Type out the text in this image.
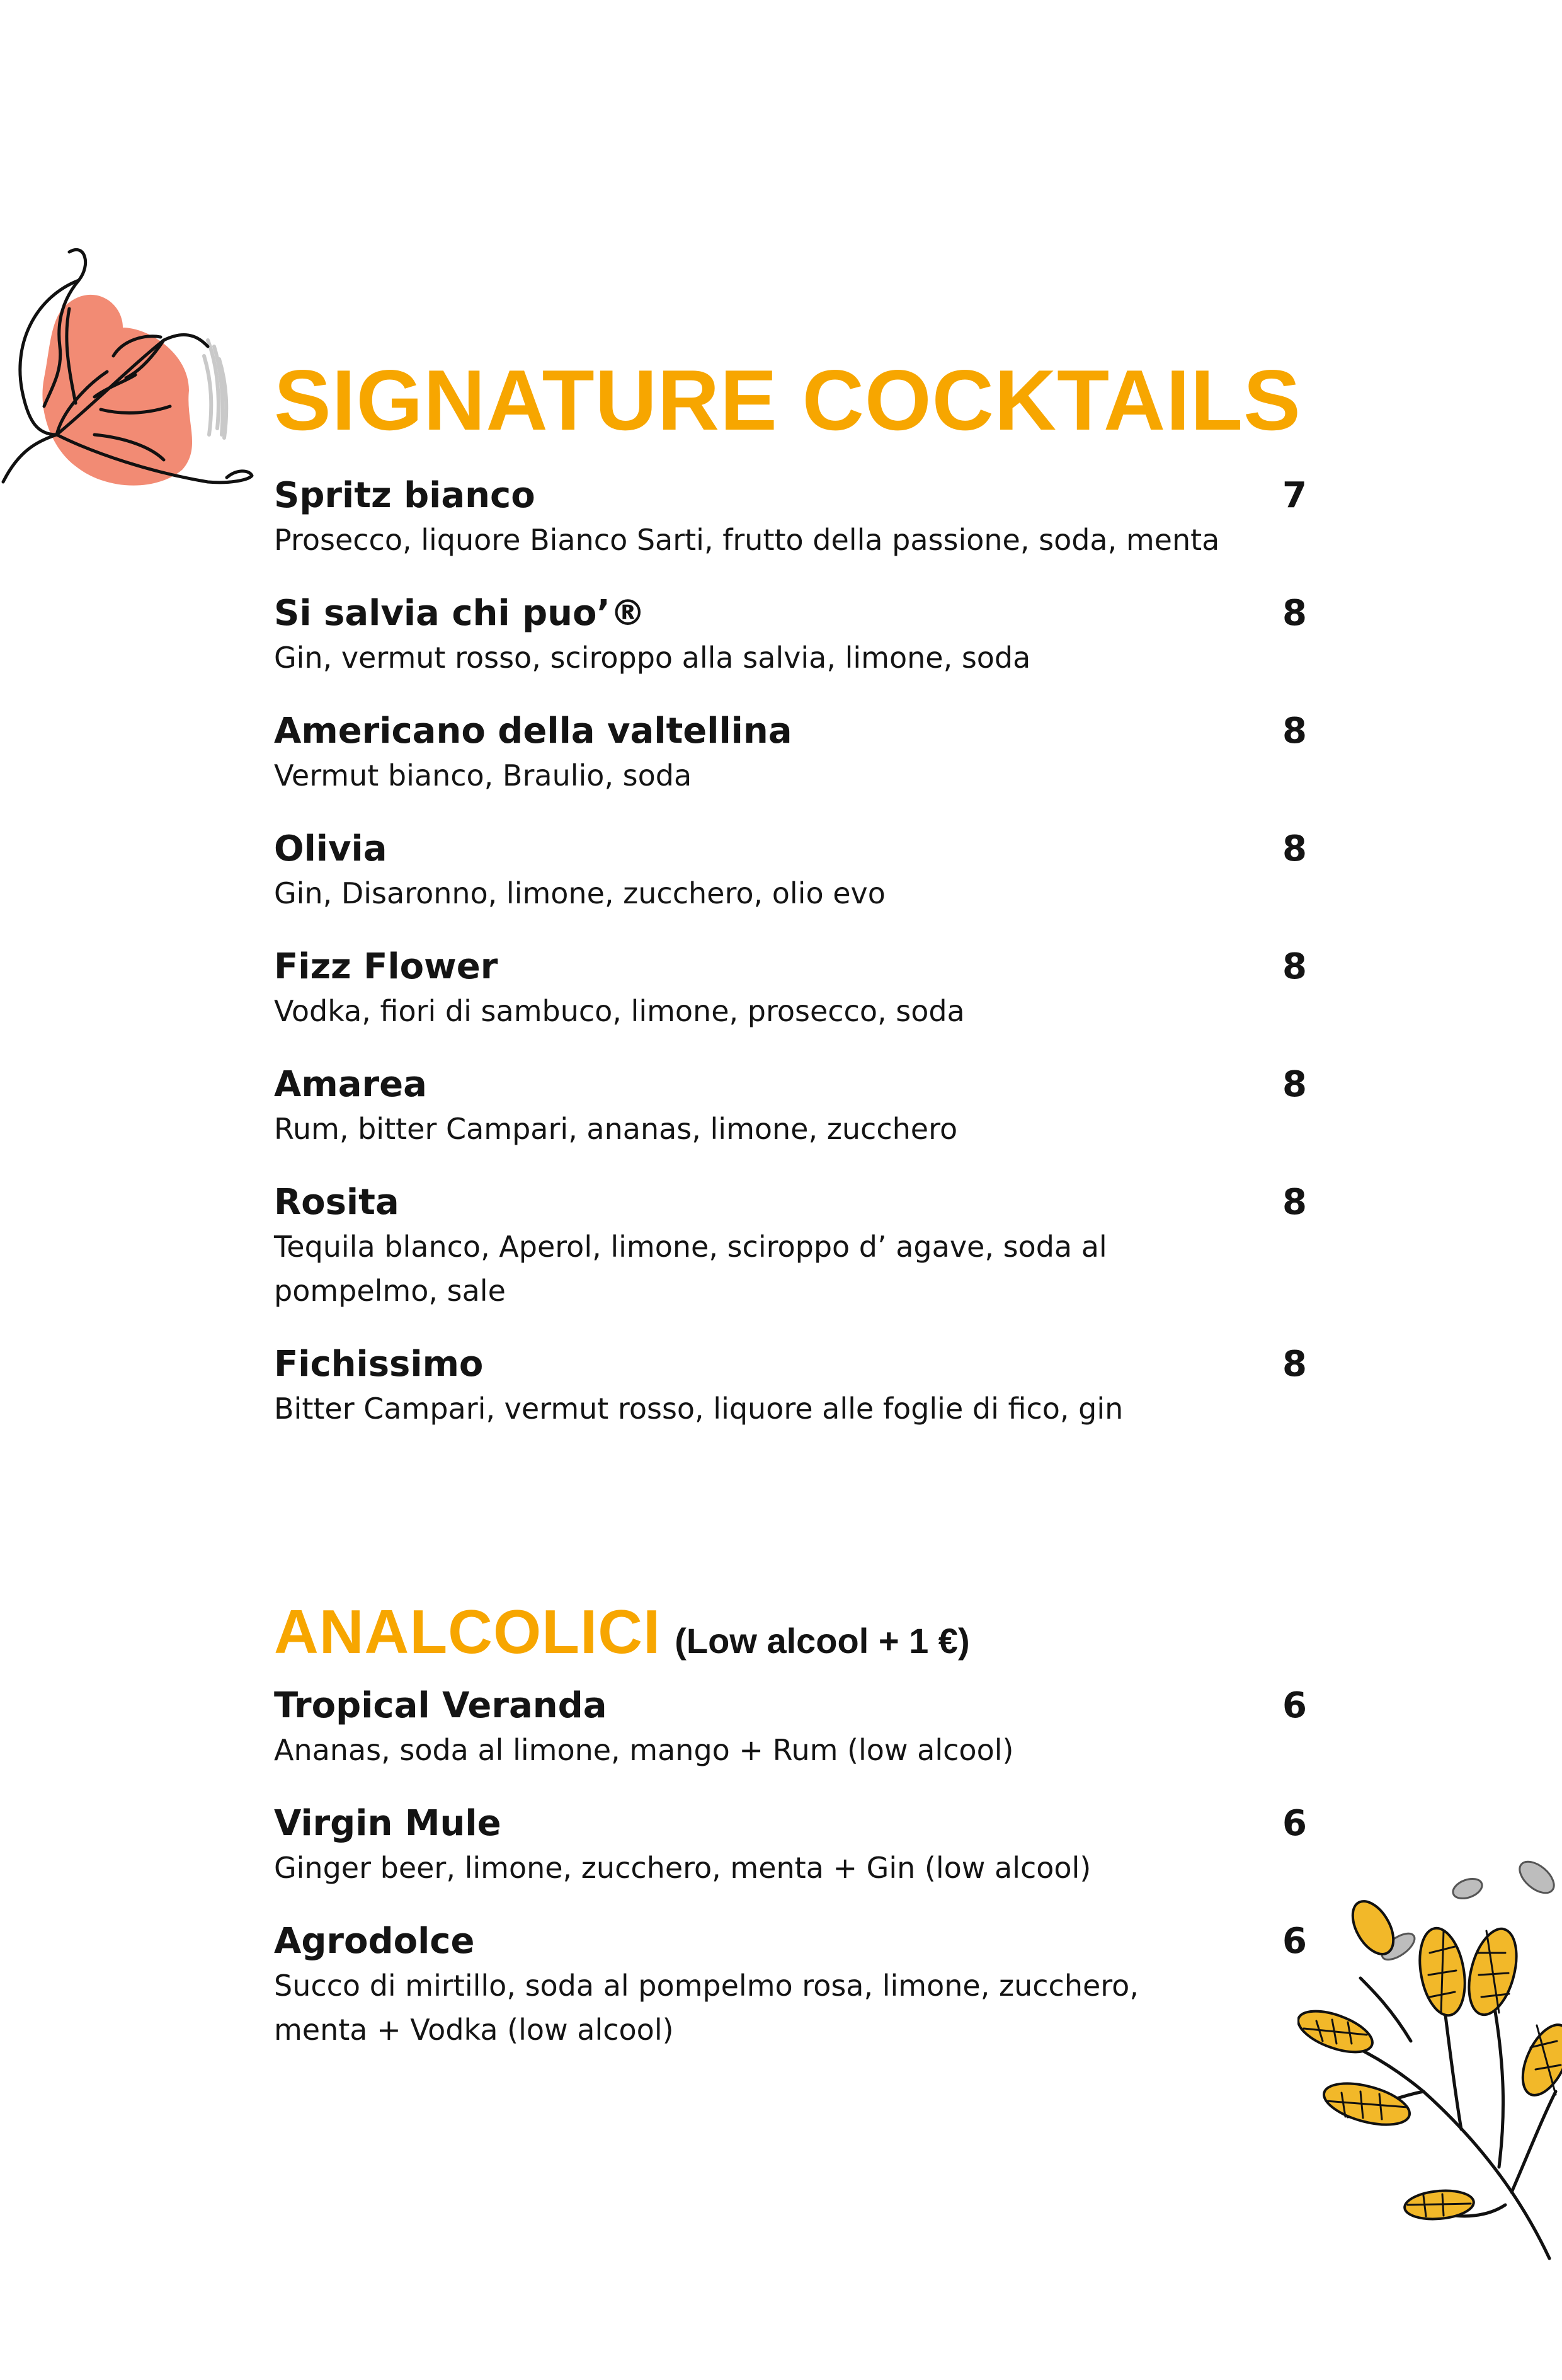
SIGNATURE COCKTAILS
Spritz bianco
Prosecco, liquore Bianco Sarti, frutto della passione, soda, menta
7
Si salvia chi puo’®
Gin, vermut rosso, sciroppo alla salvia, limone, soda
8
Americano della valtellina
Vermut bianco, Braulio, soda
8
Olivia
Gin, Disaronno, limone, zucchero, olio evo
8
Fizz Flower
Vodka, fiori di sambuco, limone, prosecco, soda
8
Amarea
Rum, bitter Campari, ananas, limone, zucchero
8
Rosita
Tequila blanco, Aperol, limone, sciroppo d’ agave, soda al pompelmo, sale
8
Fichissimo
Bitter Campari, vermut rosso, liquore alle foglie di fico, gin
8
ANALCOLICI (Low alcool + 1 €)
Tropical Veranda
Ananas, soda al limone, mango + Rum (low alcool)
6
Virgin Mule
Ginger beer, limone, zucchero, menta + Gin (low alcool)
6
Agrodolce
Succo di mirtillo, soda al pompelmo rosa, limone, zucchero, menta + Vodka (low alcool)
6
